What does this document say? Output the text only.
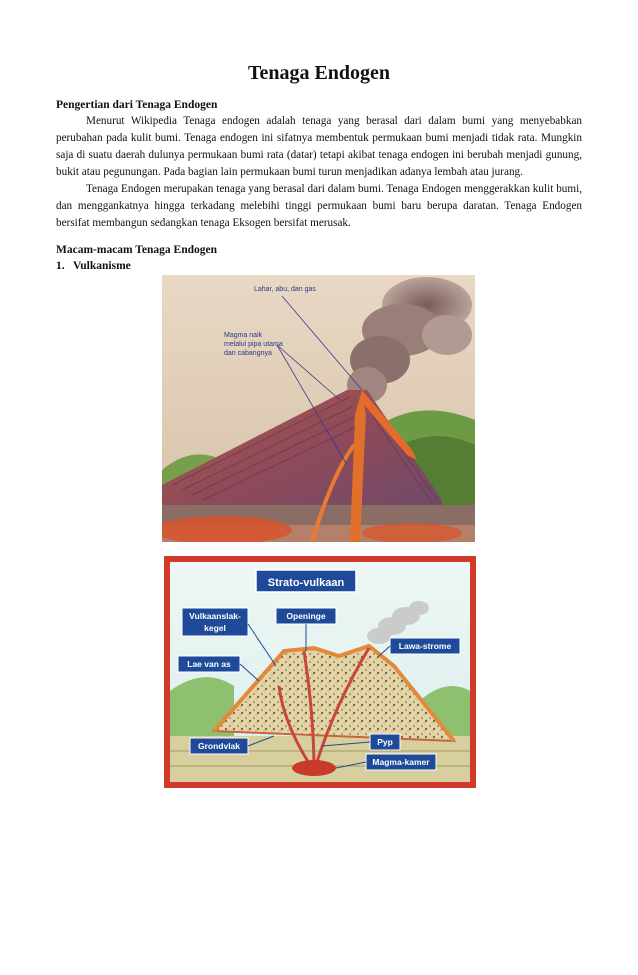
Tenaga Endogen
Pengertian dari Tenaga Endogen

Menurut Wikipedia Tenaga endogen adalah tenaga yang berasal dari dalam bumi yang menyebabkan perubahan pada kulit bumi. Tenaga endogen ini sifatnya membentuk permukaan bumi menjadi tidak rata. Mungkin saja di suatu daerah dulunya permukaan bumi rata (datar) tetapi akibat tenaga endogen ini berubah menjadi gunung, bukit atau pegunungan. Pada bagian lain permukaan bumi turun menjadikan adanya lembah atau jurang.

Tenaga Endogen merupakan tenaga yang berasal dari dalam bumi. Tenaga Endogen menggerakkan kulit bumi, dan menggankatnya hingga terkadang melebihi tinggi permukaan bumi baru berupa daratan. Tenaga Endogen bersifat membangun sedangkan tenaga Eksogen bersifat merusak.

Macam-macam Tenaga Endogen
1.   Vulkanisme
Lahar, abu, dan gas
Magma naik
melalui pipa utama
dan cabangnya
Strato-vulkaan
Vulkaanslak-
kegel
Openinge
Lawa-strome
Lae van as
Grondvlak	Pyp
Magma-kamer
